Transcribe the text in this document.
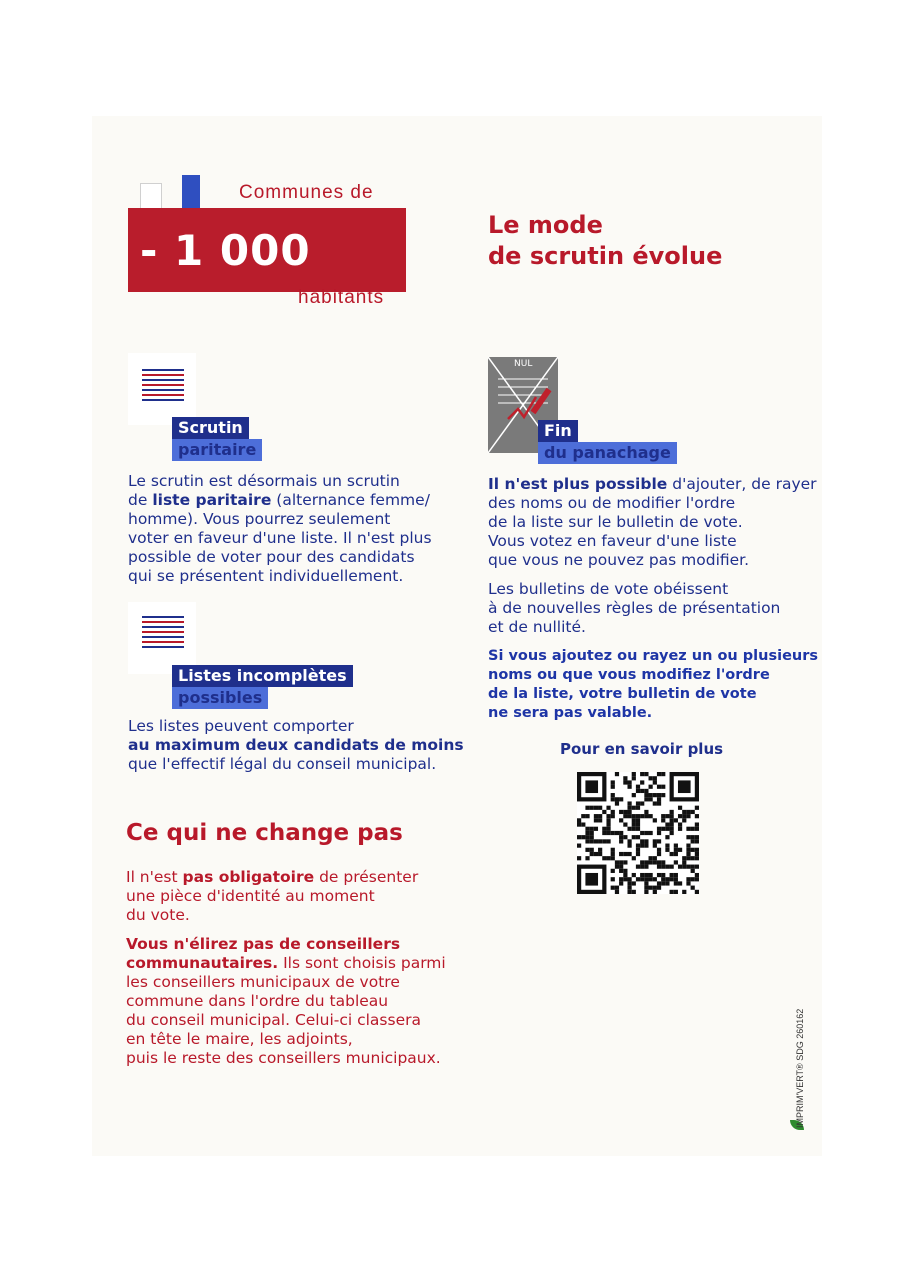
- 1 000
Communes de
habitants
Le mode
de scrutin évolue
Scrutin
paritaire
Le scrutin est désormais un scrutin
de liste paritaire (alternance femme/
homme). Vous pourrez seulement
voter en faveur d'une liste. Il n'est plus
possible de voter pour des candidats
qui se présentent individuellement.
Listes incomplètes
possibles
Les listes peuvent comporter
au maximum deux candidats de moins
que l'effectif légal du conseil municipal.
Ce qui ne change pas
Il n'est pas obligatoire de présenter
une pièce d'identité au moment
du vote.
Vous n'élirez pas de conseillers
communautaires. Ils sont choisis parmi
les conseillers municipaux de votre
commune dans l'ordre du tableau
du conseil municipal. Celui-ci classera
en tête le maire, les adjoints,
puis le reste des conseillers municipaux.
NUL
Fin
du panachage
Il n'est plus possible d'ajouter, de rayer
des noms ou de modifier l'ordre
de la liste sur le bulletin de vote.
Vous votez en faveur d'une liste
que vous ne pouvez pas modifier.
Les bulletins de vote obéissent
à de nouvelles règles de présentation
et de nullité.
Si vous ajoutez ou rayez un ou plusieurs
noms ou que vous modifiez l'ordre
de la liste, votre bulletin de vote
ne sera pas valable.
Pour en savoir plus
IMPRIM'VERT® SDG 260162
